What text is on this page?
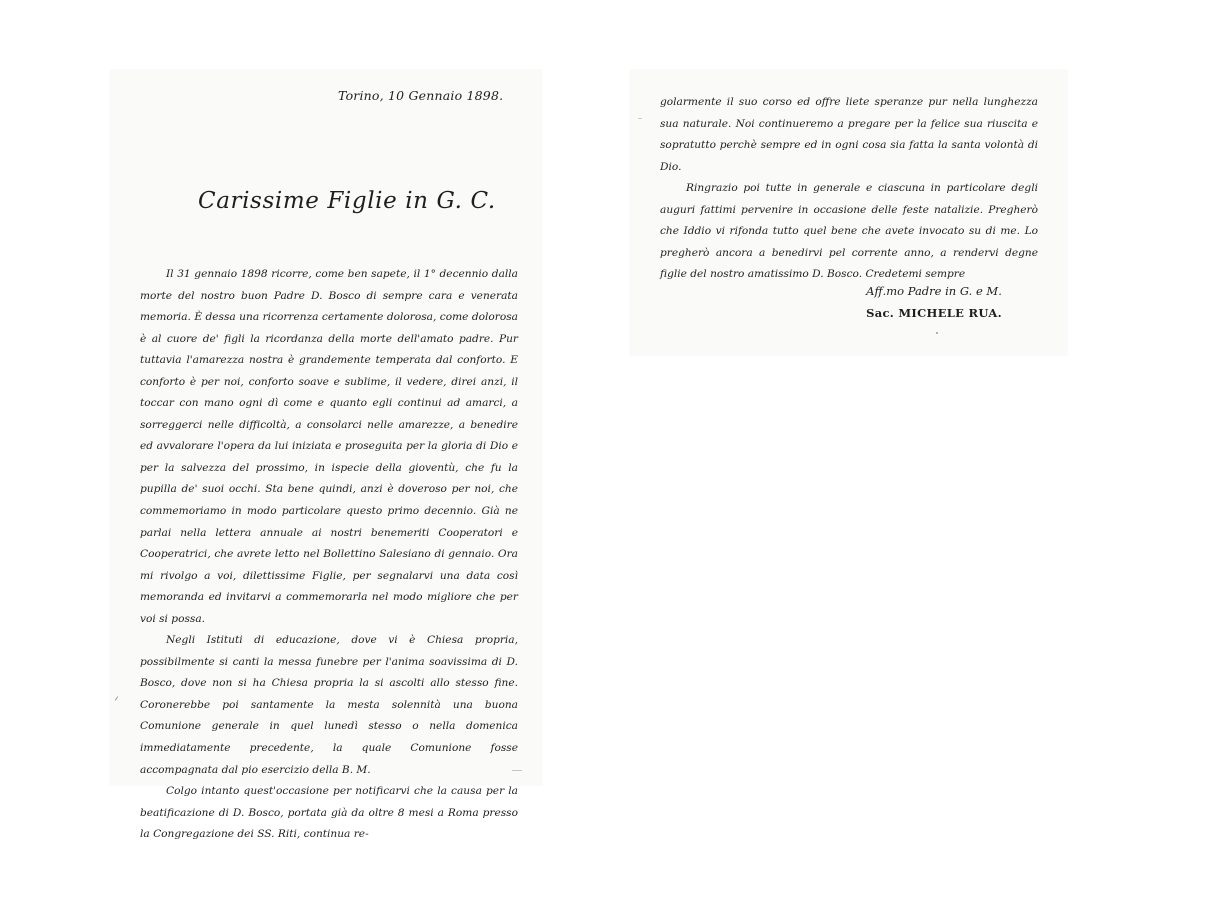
Torino, 10 Gennaio 1898.
Carissime Figlie in G. C.

Il 31 gennaio 1898 ricorre, come ben sapete, il 1° decennio dalla morte del nostro buon Padre D. Bosco di sempre cara e venerata memoria. È dessa una ricorrenza certamente dolorosa, come dolorosa è al cuore de' figli la ricordanza della morte dell'amato padre. Pur tuttavia l'amarezza nostra è grandemente temperata dal conforto. E conforto è per noi, conforto soave e sublime, il vedere, direi anzi, il toccar con mano ogni dì come e quanto egli continui ad amarci, a sorreggerci nelle difficoltà, a consolarci nelle amarezze, a benedire ed avvalorare l'opera da lui iniziata e proseguita per la gloria di Dio e per la salvezza del prossimo, in ispecie della gioventù, che fu la pupilla de' suoi occhi. Sta bene quindi, anzi è doveroso per noi, che commemoriamo in modo particolare questo primo decennio. Già ne parlai nella lettera annuale ai nostri benemeriti Cooperatori e Cooperatrici, che avrete letto nel Bollettino Salesiano di gennaio. Ora mi rivolgo a voi, dilettissime Figlie, per segnalarvi una data così memoranda ed invitarvi a commemorarla nel modo migliore che per voi si possa.

Negli Istituti di educazione, dove vi è Chiesa propria, possibilmente si canti la messa funebre per l'anima soavissima di D. Bosco, dove non si ha Chiesa propria la si ascolti allo stesso fine. Coronerebbe poi santamente la mesta solennità una buona Comunione generale in quel lunedì stesso o nella domenica immediatamente precedente, la quale Comunione fosse accompagnata dal pio esercizio della B. M.

Colgo intanto quest'occasione per notificarvi che la causa per la beatificazione di D. Bosco, portata già da oltre 8 mesi a Roma presso la Congregazione dei SS. Riti, continua re-

golarmente il suo corso ed offre liete speranze pur nella lunghezza sua naturale. Noi continueremo a pregare per la felice sua riuscita e sopratutto perchè sempre ed in ogni cosa sia fatta la santa volontà di Dio.

Ringrazio poi tutte in generale e ciascuna in particolare degli auguri fattimi pervenire in occasione delle feste natalizie. Pregherò che Iddio vi rifonda tutto quel bene che avete invocato su di me. Lo pregherò ancora a benedirvi pel corrente anno, a rendervi degne figlie del nostro amatissimo D. Bosco. Credetemi sempre

Aff.mo Padre in G. e M.
Sac. MICHELE RUA.
